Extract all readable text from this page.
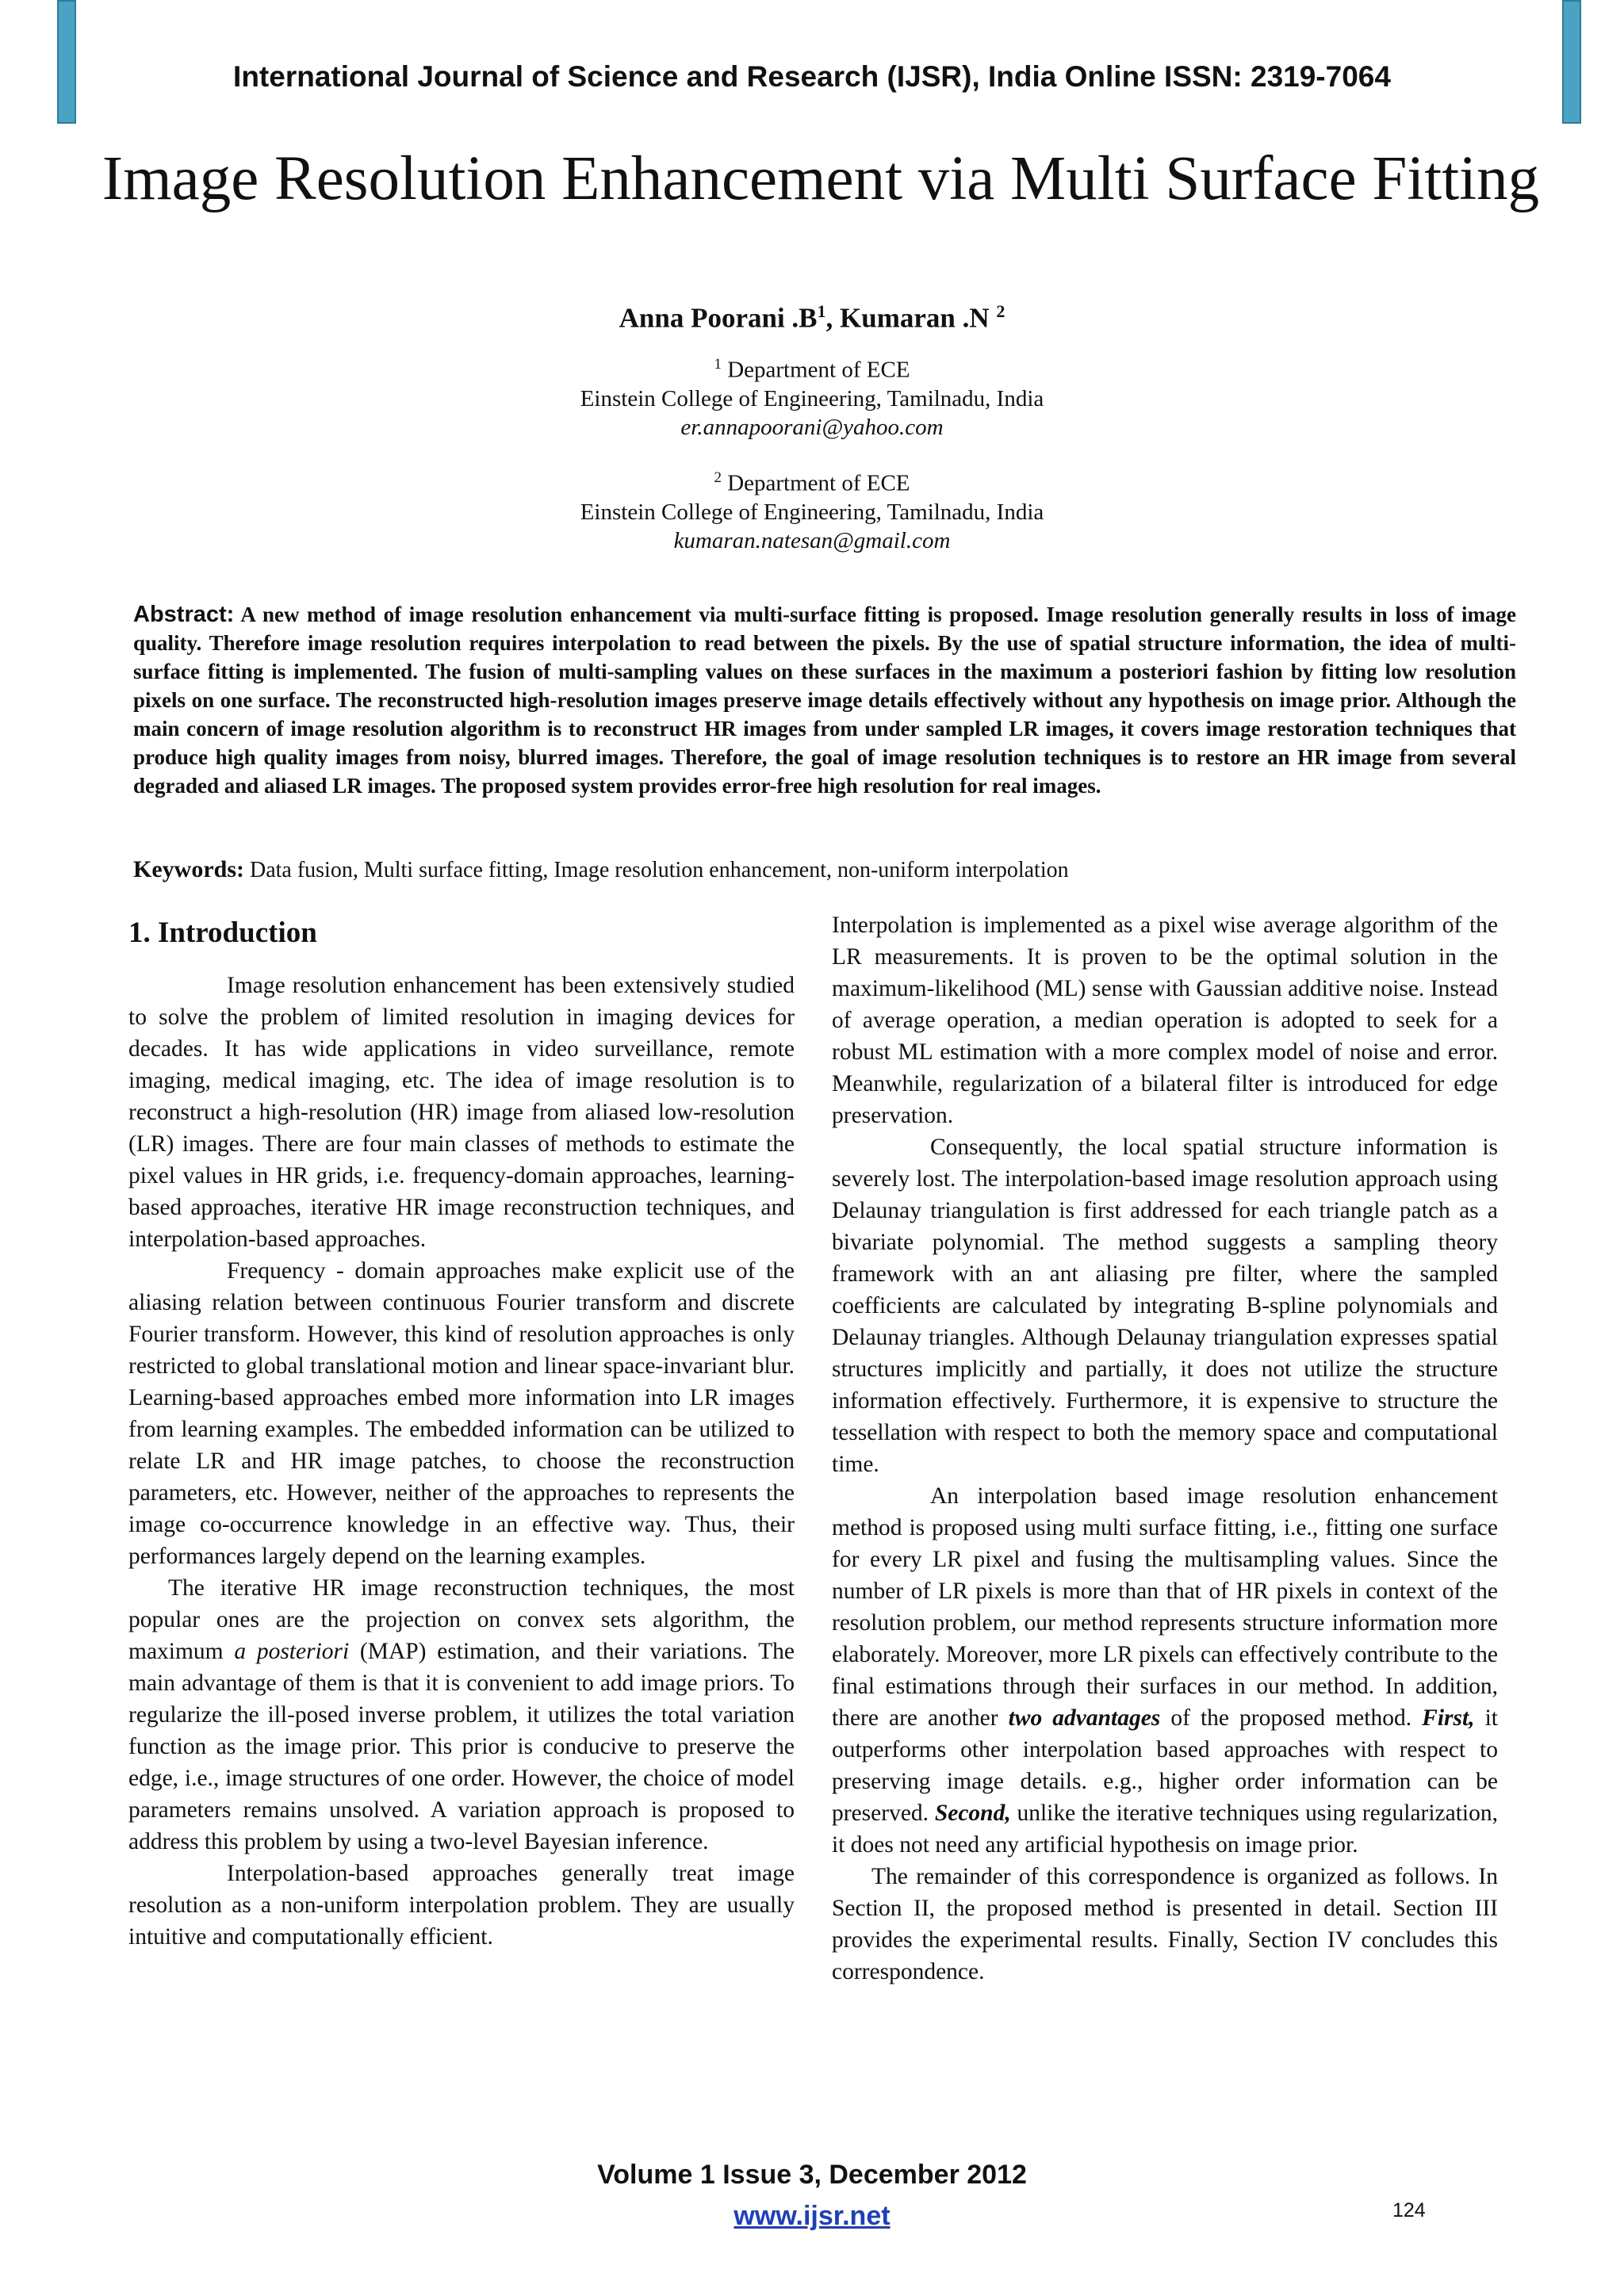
International Journal of Science and Research (IJSR), India Online ISSN: 2319-7064
Image Resolution Enhancement via Multi Surface Fitting
Anna Poorani $.B^1$, Kumaran .N $^2$
$^1$ Department of ECE
Einstein College of Engineering, Tamilnadu, India
er.annapoorani@yahoo.com
$^2$ Department of ECE
Einstein College of Engineering, Tamilnadu, India
kumaran.natesan@gmail.com
Abstract: A new method of image resolution enhancement via multi-surface fitting is proposed. Image resolution generally results in loss of image quality. Therefore image resolution requires interpolation to read between the pixels. By the use of spatial structure information, the idea of multi-surface fitting is implemented. The fusion of multi-sampling values on these surfaces in the maximum a posteriori fashion by fitting low resolution pixels on one surface. The reconstructed high-resolution images preserve image details effectively without any hypothesis on image prior. Although the main concern of image resolution algorithm is to reconstruct HR images from under sampled LR images, it covers image restoration techniques that produce high quality images from noisy, blurred images. Therefore, the goal of image resolution techniques is to restore an HR image from several degraded and aliased LR images. The proposed system provides error-free high resolution for real images.
Keywords: Data fusion, Multi surface fitting, Image resolution enhancement, non-uniform interpolation
1. Introduction

Image resolution enhancement has been extensively studied to solve the problem of limited resolution in imaging devices for decades. It has wide applications in video surveillance, remote imaging, medical imaging, etc. The idea of image resolution is to reconstruct a high-resolution (HR) image from aliased low-resolution (LR) images. There are four main classes of methods to estimate the pixel values in HR grids, i.e. frequency-domain approaches, learning-based approaches, iterative HR image reconstruction techniques, and interpolation-based approaches.

Frequency - domain approaches make explicit use of the aliasing relation between continuous Fourier transform and discrete Fourier transform. However, this kind of resolution approaches is only restricted to global translational motion and linear space-invariant blur. Learning-based approaches embed more information into LR images from learning examples. The embedded information can be utilized to relate LR and HR image patches, to choose the reconstruction parameters, etc. However, neither of the approaches to represents the image co-occurrence knowledge in an effective way. Thus, their performances largely depend on the learning examples.

The iterative HR image reconstruction techniques, the most popular ones are the projection on convex sets algorithm, the maximum a posteriori (MAP) estimation, and their variations. The main advantage of them is that it is convenient to add image priors. To regularize the ill-posed inverse problem, it utilizes the total variation function as the image prior. This prior is conducive to preserve the edge, i.e., image structures of one order. However, the choice of model parameters remains unsolved. A variation approach is proposed to address this problem by using a two-level Bayesian inference.

Interpolation-based approaches generally treat image resolution as a non-uniform interpolation problem. They are usually intuitive and computationally efficient.

Interpolation is implemented as a pixel wise average algorithm of the LR measurements. It is proven to be the optimal solution in the maximum-likelihood (ML) sense with Gaussian additive noise. Instead of average operation, a median operation is adopted to seek for a robust ML estimation with a more complex model of noise and error. Meanwhile, regularization of a bilateral filter is introduced for edge preservation.

Consequently, the local spatial structure information is severely lost. The interpolation-based image resolution approach using Delaunay triangulation is first addressed for each triangle patch as a bivariate polynomial. The method suggests a sampling theory framework with an ant aliasing pre filter, where the sampled coefficients are calculated by integrating B-spline polynomials and Delaunay triangles. Although Delaunay triangulation expresses spatial structures implicitly and partially, it does not utilize the structure information effectively. Furthermore, it is expensive to structure the tessellation with respect to both the memory space and computational time.

An interpolation based image resolution enhancement method is proposed using multi surface fitting, i.e., fitting one surface for every LR pixel and fusing the multisampling values. Since the number of LR pixels is more than that of HR pixels in context of the resolution problem, our method represents structure information more elaborately. Moreover, more LR pixels can effectively contribute to the final estimations through their surfaces in our method. In addition, there are another two advantages of the proposed method. First, it outperforms other interpolation based approaches with respect to preserving image details. e.g., higher order information can be preserved. Second, unlike the iterative techniques using regularization, it does not need any artificial hypothesis on image prior.

The remainder of this correspondence is organized as follows. In Section II, the proposed method is presented in detail. Section III provides the experimental results. Finally, Section IV concludes this correspondence.

Volume 1 Issue 3, December 2012
www.ijsr.net	124
